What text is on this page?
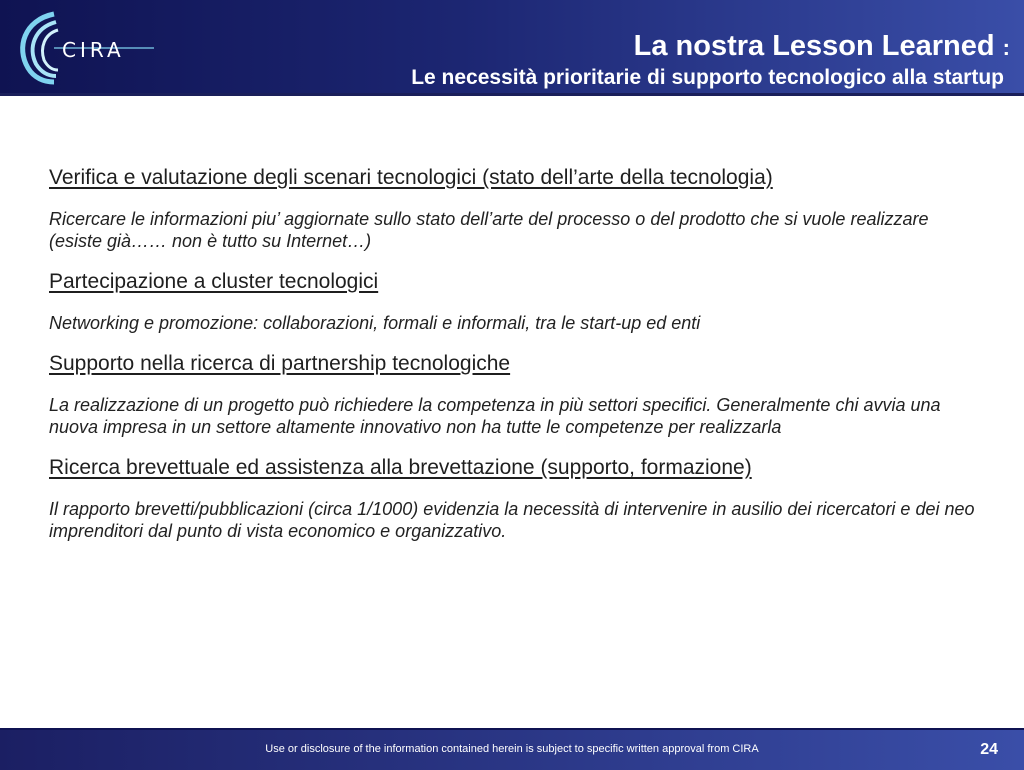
CIRA	La nostra Lesson Learned :
Le necessità prioritarie di supporto tecnologico alla startup
Verifica e valutazione degli scenari tecnologici (stato dell’arte della tecnologia)
Ricercare le informazioni piu’ aggiornate sullo stato dell’arte del processo o del prodotto che si vuole realizzare (esiste già…… non è tutto su Internet…)
Partecipazione a cluster tecnologici
Networking e promozione: collaborazioni, formali e informali, tra le start-up ed enti
Supporto nella ricerca di partnership tecnologiche
La realizzazione di un progetto può richiedere la competenza in più settori specifici. Generalmente chi avvia una nuova impresa in un settore altamente innovativo non ha tutte le competenze per realizzarla
Ricerca brevettuale ed assistenza alla brevettazione (supporto, formazione)
Il rapporto brevetti/pubblicazioni (circa 1/1000) evidenzia la necessità di intervenire in ausilio dei ricercatori e dei neo imprenditori dal punto di vista economico e organizzativo.
Use or disclosure of the information contained herein is subject to specific written approval from CIRA	24
